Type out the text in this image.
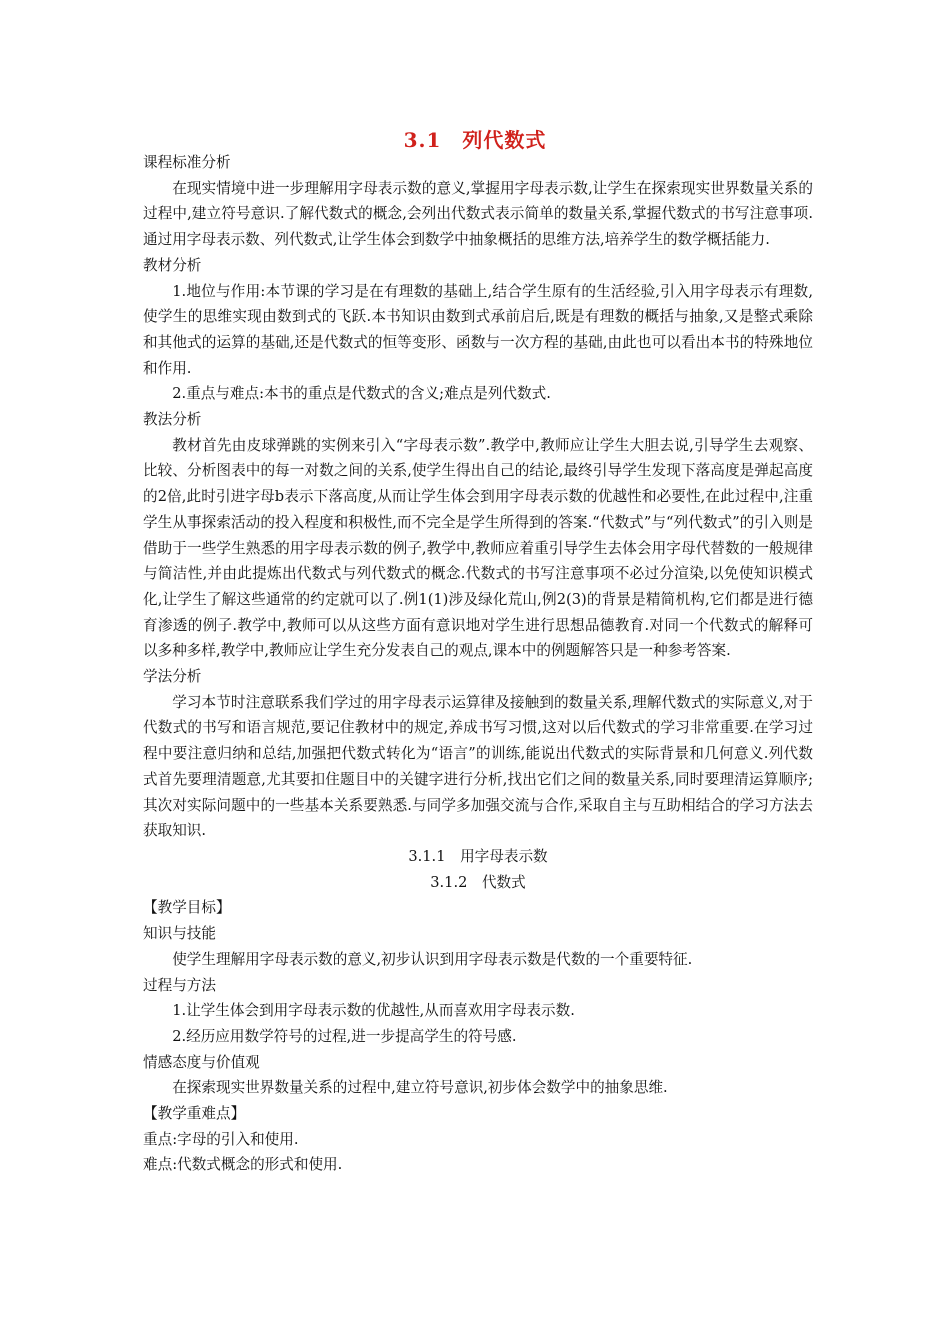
3.1　列代数式

课程标准分析

在现实情境中进一步理解用字母表示数的意义,掌握用字母表示数,让学生在探索现实世界数量关系的过程中,建立符号意识.了解代数式的概念,会列出代数式表示简单的数量关系,掌握代数式的书写注意事项.通过用字母表示数、列代数式,让学生体会到数学中抽象概括的思维方法,培养学生的数学概括能力.

教材分析

1.地位与作用:本节课的学习是在有理数的基础上,结合学生原有的生活经验,引入用字母表示有理数,使学生的思维实现由数到式的飞跃.本书知识由数到式承前启后,既是有理数的概括与抽象,又是整式乘除和其他式的运算的基础,还是代数式的恒等变形、函数与一次方程的基础,由此也可以看出本书的特殊地位和作用.

2.重点与难点:本书的重点是代数式的含义;难点是列代数式.

教法分析

教材首先由皮球弹跳的实例来引入“字母表示数”.教学中,教师应让学生大胆去说,引导学生去观察、比较、分析图表中的每一对数之间的关系,使学生得出自己的结论,最终引导学生发现下落高度是弹起高度的2倍,此时引进字母b表示下落高度,从而让学生体会到用字母表示数的优越性和必要性,在此过程中,注重学生从事探索活动的投入程度和积极性,而不完全是学生所得到的答案.“代数式”与“列代数式”的引入则是借助于一些学生熟悉的用字母表示数的例子,教学中,教师应着重引导学生去体会用字母代替数的一般规律与简洁性,并由此提炼出代数式与列代数式的概念.代数式的书写注意事项不必过分渲染,以免使知识模式化,让学生了解这些通常的约定就可以了.例1(1)涉及绿化荒山,例2(3)的背景是精简机构,它们都是进行德育渗透的例子.教学中,教师可以从这些方面有意识地对学生进行思想品德教育.对同一个代数式的解释可以多种多样,教学中,教师应让学生充分发表自己的观点,课本中的例题解答只是一种参考答案.

学法分析

学习本节时注意联系我们学过的用字母表示运算律及接触到的数量关系,理解代数式的实际意义,对于代数式的书写和语言规范,要记住教材中的规定,养成书写习惯,这对以后代数式的学习非常重要.在学习过程中要注意归纳和总结,加强把代数式转化为“语言”的训练,能说出代数式的实际背景和几何意义.列代数式首先要理清题意,尤其要扣住题目中的关键字进行分析,找出它们之间的数量关系,同时要理清运算顺序;其次对实际问题中的一些基本关系要熟悉.与同学多加强交流与合作,采取自主与互助相结合的学习方法去获取知识.

3.1.1　用字母表示数

3.1.2　代数式

【教学目标】

知识与技能

使学生理解用字母表示数的意义,初步认识到用字母表示数是代数的一个重要特征.

过程与方法

1.让学生体会到用字母表示数的优越性,从而喜欢用字母表示数.

2.经历应用数学符号的过程,进一步提高学生的符号感.

情感态度与价值观

在探索现实世界数量关系的过程中,建立符号意识,初步体会数学中的抽象思维.

【教学重难点】

重点:字母的引入和使用.

难点:代数式概念的形式和使用.
